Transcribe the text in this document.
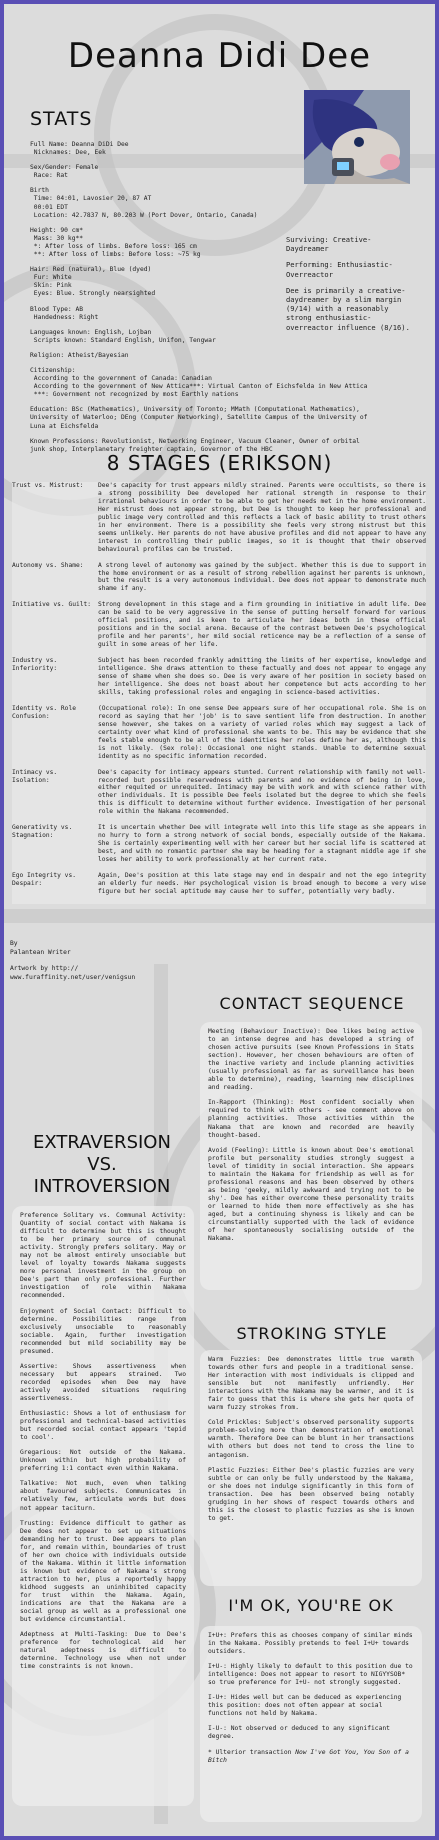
Deanna Didi Dee
STATS
Full Name: Deanna DiDi Dee
Nicknames: Dee, Eek
Sex/Gender: Female
Race: Rat
Birth
Time: 04:01, Lavosier 20, 87 AT
00:01 EDT
Location: 42.7837 N, 80.203 W (Port Dover, Ontario, Canada)
Height: 90 cm*
Mass: 30 kg**
*: After loss of limbs. Before loss: 165 cm
**: After loss of limbs: Before loss: ~75 kg
Hair: Red (natural), Blue (dyed)
Fur: White
Skin: Pink
Eyes: Blue. Strongly nearsighted
Blood Type: AB
Handedness: Right
Languages known: English, Lojban
Scripts known: Standard English, Unifon, Tengwar
Religion: Atheist/Bayesian
Citizenship:
According to the government of Canada: Canadian
According to the government of New Attica***: Virtual Canton of Eichsfelda in New Attica
***: Government not recognized by most Earthly nations
Education: BSc (Mathematics), University of Toronto; MMath (Computational Mathematics), University of Waterloo; DEng (Computer Networking), Satellite Campus of the University of Luna at Eichsfelda
Known Professions: Revolutionist, Networking Engineer, Vacuum Cleaner, Owner of orbital junk shop, Interplanetary freighter captain, Governor of the HBC

Surviving: Creative-Daydreamer

Performing: Enthusiastic-Overreactor

Dee is primarily a creative-daydreamer by a slim margin (9/14) with a reasonably strong enthusiastic-overreactor influence (8/16).

8 STAGES (ERIKSON)
Trust vs. Mistrust:	Dee's capacity for trust appears mildly strained. Parents were occultists, so there is a strong possibility Dee developed her rational strength in response to their irrational behaviours in order to be able to get her needs met in the home environment. Her mistrust does not appear strong, but Dee is thought to keep her professional and public image very controlled and this reflects a lack of basic ability to trust others in her environment. There is a possibility she feels very strong mistrust but this seems unlikely. Her parents do not have abusive profiles and did not appear to have any interest in controlling their public images, so it is thought that their observed behavioural profiles can be trusted.
Autonomy vs. Shame:	A strong level of autonomy was gained by the subject. Whether this is due to support in the home environment or as a result of strong rebellion against her parents is unknown, but the result is a very autonomous individual. Dee does not appear to demonstrate much shame if any.
Initiative vs. Guilt:	Strong development in this stage and a firm grounding in initiative in adult life. Dee can be said to be very aggressive in the sense of putting herself forward for various official positions, and is keen to articulate her ideas both in these official positions and in the social arena. Because of the contrast between Dee's psychological profile and her parents', her mild social reticence may be a reflection of a sense of guilt in some areas of her life.
Industry vs. Inferiority:
Subject has been recorded frankly admitting the limits of her expertise, knowledge and intelligence. She draws attention to these factually and does not appear to engage any sense of shame when she does so. Dee is very aware of her position in society based on her intelligence. She does not boast about her competence but acts according to her skills, taking professional roles and engaging in science-based activities.
Identity vs. Role Confusion:
(Occupational role): In one sense Dee appears sure of her occupational role. She is on record as saying that her 'job' is to save sentient life from destruction. In another sense however, she takes on a variety of varied roles which may suggest a lack of certainty over what kind of professional she wants to be. This may be evidence that she feels stable enough to be all of the identities her roles define her as, although this is not likely. (Sex role): Occasional one night stands. Unable to determine sexual identity as no specific information recorded.
Intimacy vs. Isolation:
Dee's capacity for intimacy appears stunted. Current relationship with family not well-recorded but possible reservedness with parents and no evidence of being in love, either requited or unrequited. Intimacy may be with work and with science rather with other individuals. It is possible Dee feels isolated but the degree to which she feels this is difficult to determine without further evidence. Investigation of her personal role within the Nakama recommended.
Generativity vs. Stagnation:
It is uncertain whether Dee will integrate well into this life stage as she appears in no hurry to form a strong network of social bonds, especially outside of the Nakama. She is certainly experimenting well with her career but her social life is scattered at best, and with no romantic partner she may be heading for a stagnant middle age if she loses her ability to work professionally at her current rate.
Ego Integrity vs. Despair:
Again, Dee's position at this late stage may end in despair and not the ego integrity an elderly fur needs. Her psychological vision is broad enough to become a very wise figure but her social aptitude may cause her to suffer, potentially very badly.

By
Palantean Writer

Artwork by http://
www.furaffinity.net/user/venigsun

CONTACT SEQUENCE

Meeting (Behaviour Inactive): Dee likes being active to an intense degree and has developed a string of chosen active pursuits (see Known Professions in Stats section). However, her chosen behaviours are often of the inactive variety and include planning activities (usually professional as far as surveillance has been able to determine), reading, learning new disciplines and reading.

In-Rapport (Thinking): Most confident socially when required to think with others - see comment above on planning activities. Those activities within the Nakama that are known and recorded are heavily thought-based.

Avoid (Feeling): Little is known about Dee's emotional profile but personality studies strongly suggest a level of timidity in social interaction. She appears to maintain the Nakama for friendship as well as for professional reasons and has been observed by others as being 'geeky, mildly awkward and trying not to be shy'. Dee has either overcome these personality traits or learned to hide them more effectively as she has aged, but a continuing shyness is likely and can be circumstantially supported with the lack of evidence of her spontaneously socialising outside of the Nakama.

EXTRAVERSION
VS.
INTROVERSION

Preference Solitary vs. Communal Activity: Quantity of social contact with Nakama is difficult to determine but this is thought to be her primary source of communal activity. Strongly prefers solitary. May or may not be almost entirely unsociable but level of loyalty towards Nakama suggests more personal investment in the group on Dee's part than only professional. Further investigation of role within Nakama recommended.

Enjoyment of Social Contact: Difficult to determine. Possibilities range from exclusively unsociable to reasonably sociable. Again, further investigation recommended but mild sociability may be presumed.

Assertive: Shows assertiveness when necessary but appears strained. Two recorded episodes when Dee may have actively avoided situations requiring assertiveness.

Enthusiastic: Shows a lot of enthusiasm for professional and technical-based activities but recorded social contact appears 'tepid to cool'.

Gregarious: Not outside of the Nakama. Unknown within but high probability of preferring 1:1 contact even within Nakama.

Talkative: Not much, even when talking about favoured subjects. Communicates in relatively few, articulate words but does not appear taciturn.

Trusting: Evidence difficult to gather as Dee does not appear to set up situations demanding her to trust. Dee appears to plan for, and remain within, boundaries of trust of her own choice with individuals outside of the Nakama. Within it little information is known but evidence of Nakama's strong attraction to her, plus a reportedly happy kidhood suggests an uninhibited capacity for trust within the Nakama. Again, indications are that the Nakama are a social group as well as a professional one but evidence circumstantial.

Adeptness at Multi-Tasking: Due to Dee's preference for technological aid her natural adeptness is difficult to determine. Technology use when not under time constraints is not known.

STROKING STYLE

Warm Fuzzies: Dee demonstrates little true warmth towards other furs and people in a traditional sense. Her interaction with most individuals is clipped and sensible but not manifestly unfriendly. Her interactions with the Nakama may be warmer, and it is fair to guess that this is where she gets her quota of warm fuzzy strokes from.

Cold Prickles: Subject's observed personality supports problem-solving more than demonstration of emotional warmth. Therefore Dee can be blunt in her transactions with others but does not tend to cross the line to antagonism.

Plastic Fuzzies: Either Dee's plastic fuzzies are very subtle or can only be fully understood by the Nakama, or she does not indulge significantly in this form of transaction. Dee has been observed being notably grudging in her shows of respect towards others and this is the closest to plastic fuzzies as she is known to get.

I'M OK, YOU'RE OK

I+U+: Prefers this as chooses company of similar minds in the Nakama. Possibly pretends to feel I+U+ towards outsiders.

I+U-: Highly likely to default to this position due to intelligence: Does not appear to resort to NIGYYSOB* so true preference for I+U- not strongly suggested.

I-U+: Hides well but can be deduced as experiencing this position: does not often appear at social functions not held by Nakama.

I-U-: Not observed or deduced to any significant degree.

* Ulterior transaction Now I've Got You, You Son of a Bitch
